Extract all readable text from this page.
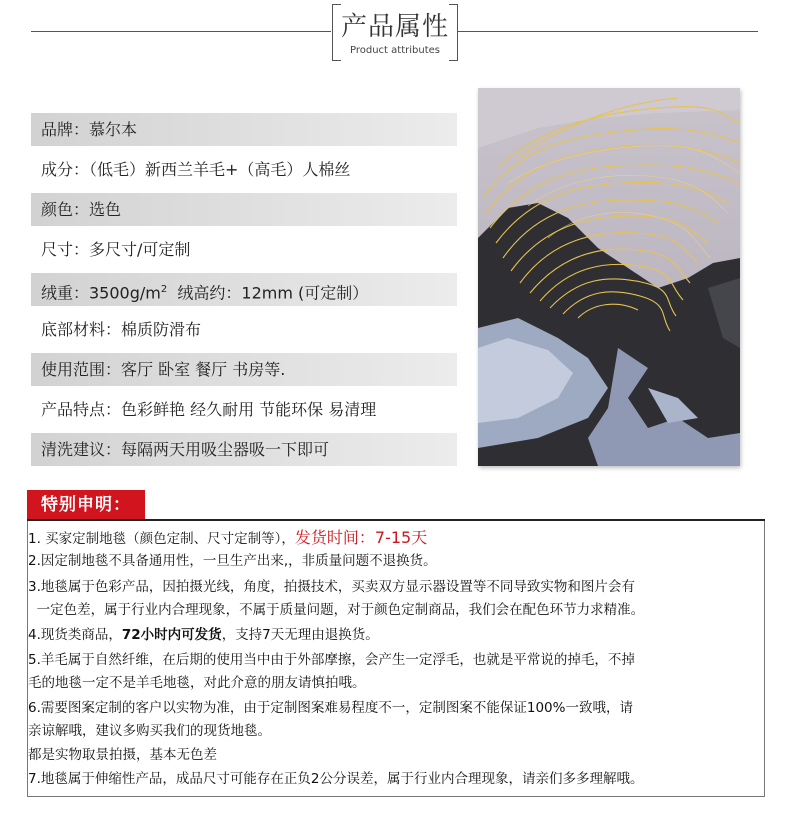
产品属性
Product attributes
品牌：慕尔本
成分：（低毛）新西兰羊毛+（高毛）人棉丝
颜色：选色
尺寸：多尺寸/可定制
绒重：$3500g/m^2$  绒高约：12mm (可定制）
底部材料：棉质防滑布
使用范围：客厅 卧室 餐厅 书房等.
产品特点：色彩鲜艳 经久耐用 节能环保 易清理
清洗建议：每隔两天用吸尘器吸一下即可
特别申明：
1. 买家定制地毯（颜色定制、尺寸定制等），发货时间：7-15天
2.因定制地毯不具备通用性，一旦生产出来,，非质量问题不退换货。
3.地毯属于色彩产品，因拍摄光线，角度，拍摄技术，买卖双方显示器设置等不同导致实物和图片会有
一定色差，属于行业内合理现象，不属于质量问题，对于颜色定制商品，我们会在配色环节力求精准。
4.现货类商品，72小时内可发货，支持7天无理由退换货。
5.羊毛属于自然纤维，在后期的使用当中由于外部摩擦，会产生一定浮毛，也就是平常说的掉毛，不掉
毛的地毯一定不是羊毛地毯，对此介意的朋友请慎拍哦。
6.需要图案定制的客户以实物为准，由于定制图案难易程度不一，定制图案不能保证100%一致哦，请
亲谅解哦，建议多购买我们的现货地毯。
都是实物取景拍摄，基本无色差
7.地毯属于伸缩性产品，成品尺寸可能存在正负2公分误差，属于行业内合理现象，请亲们多多理解哦。
